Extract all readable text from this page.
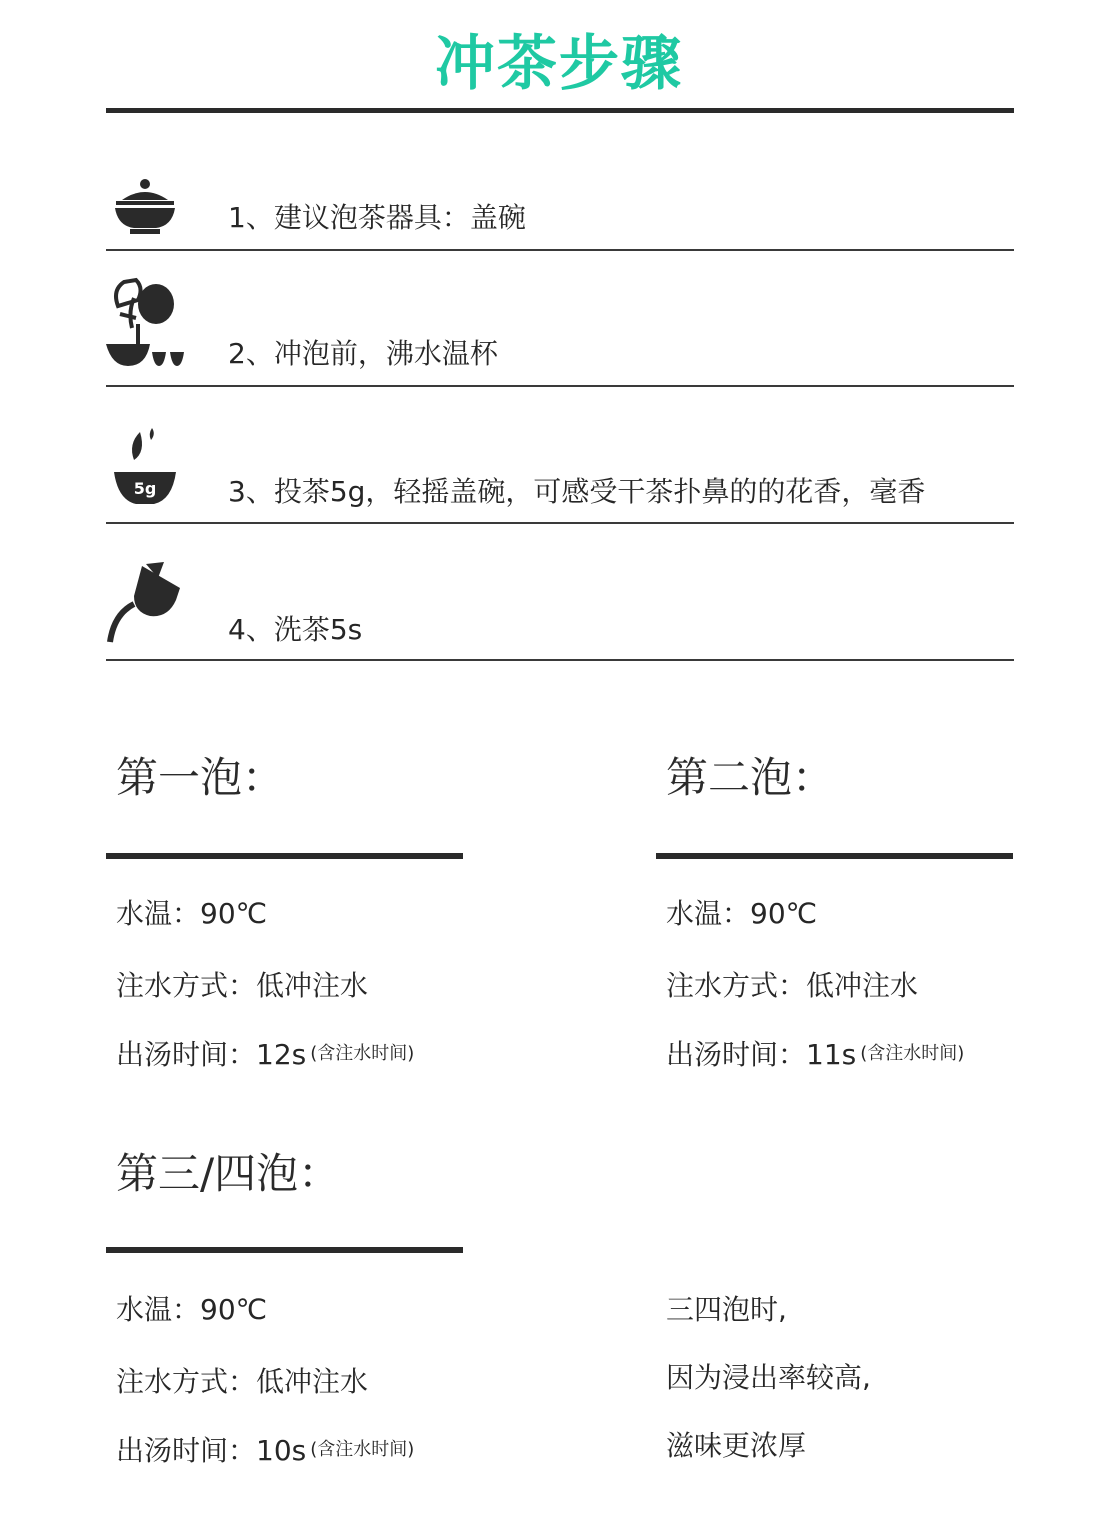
冲茶步骤
1、建议泡茶器具：盖碗
2、冲泡前，沸水温杯
5g	3、投茶5g，轻摇盖碗，可感受干茶扑鼻的的花香，毫香
4、洗茶5s
第一泡：
水温：90℃
注水方式：低冲注水
出汤时间：12s (含注水时间)
第二泡：
水温：90℃
注水方式：低冲注水
出汤时间：11s (含注水时间)
第三/四泡：
水温：90℃
注水方式：低冲注水
出汤时间：10s (含注水时间)
三四泡时,
因为浸出率较高,
滋味更浓厚
